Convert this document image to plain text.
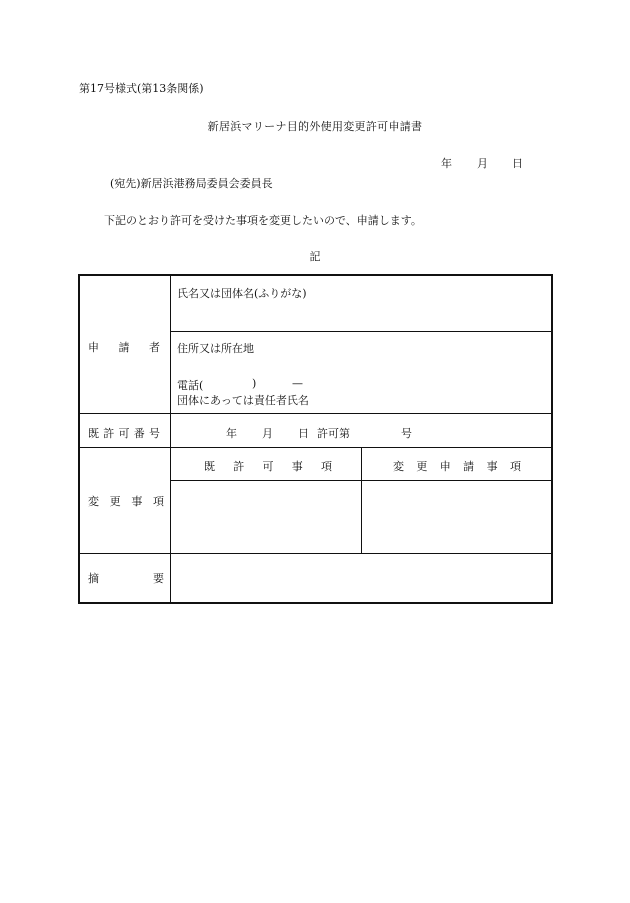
第17号様式(第13条関係)
新居浜マリーナ目的外使用変更許可申請書
年 月 日
(宛先)新居浜港務局委員会委員長
下記のとおり許可を受けた事項を変更したいので、申請します。
記
申 請 者
氏名又は団体名(ふりがな)
住所又は所在地
電話(	)	—
団体にあっては責任者氏名
既 許 可 番 号	年 月 日 許可第	号
変 更 事 項
既 許 可 事 項	変 更 申 請 事 項
摘	要
